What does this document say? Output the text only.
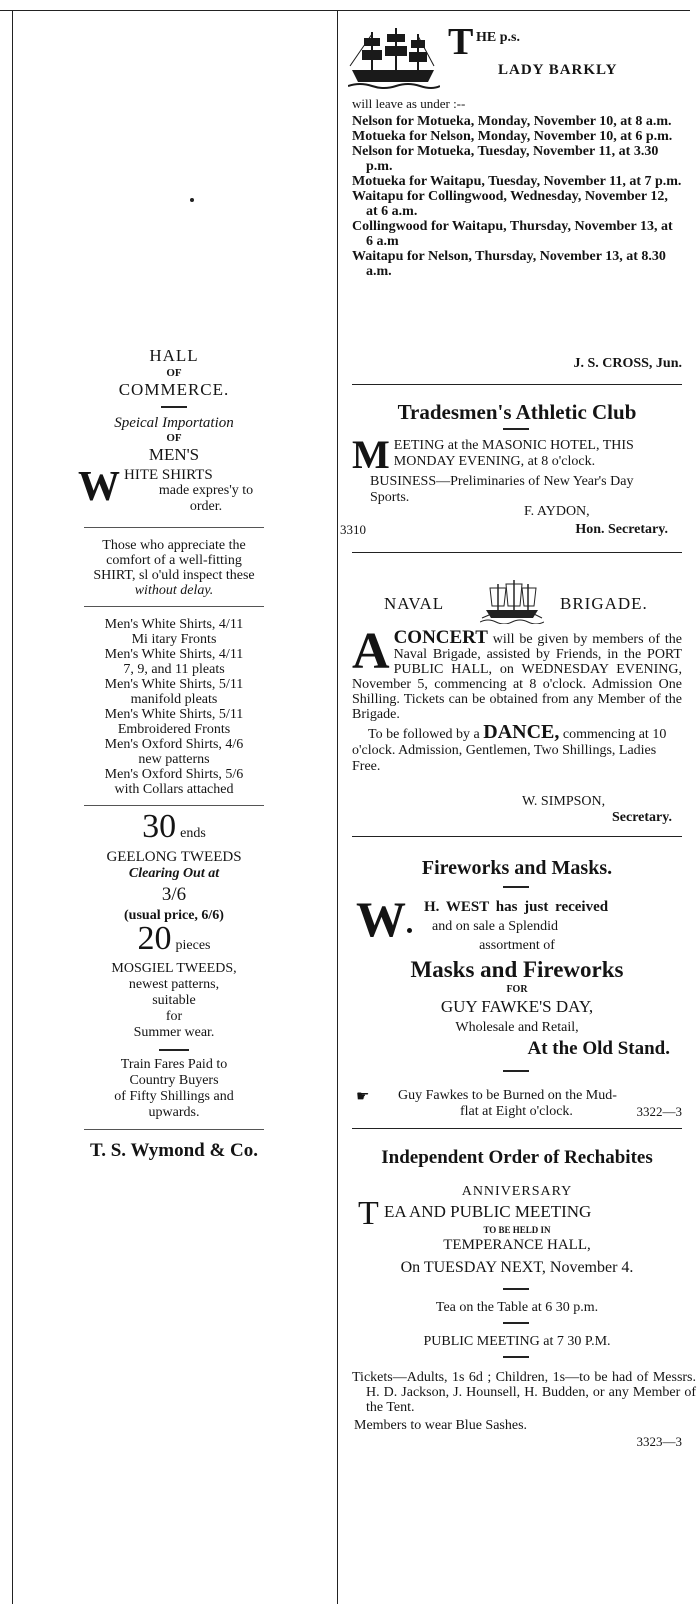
HALL
OF
COMMERCE.
Speical Importation
OF
MEN'S
W HITE SHIRTS
made expres'y to
order.
Those who appreciate the
comfort of a well-fitting
SHIRT, sl o'uld inspect these
without delay.
Men's White Shirts, 4/11
Mi itary Fronts
Men's White Shirts, 4/11
7, 9, and 11 pleats
Men's White Shirts, 5/11
manifold pleats
Men's White Shirts, 5/11
Embroidered Fronts
Men's Oxford Shirts, 4/6
new patterns
Men's Oxford Shirts, 5/6
with Collars attached
30 ends
GEELONG TWEEDS
Clearing Out at
3/6
(usual price, 6/6)
20 pieces
MOSGIEL TWEEDS,
newest patterns,
suitable
for
Summer wear.
Train Fares Paid to
Country Buyers
of Fifty Shillings and
upwards.
T. S. Wymond & Co.
T HE p.s.
LADY BARKLY
will leave as under :--
Nelson for Motueka, Monday, November 10, at 8 a.m.
Motueka for Nelson, Monday, November 10, at 6 p.m.
Nelson for Motueka, Tuesday, November 11, at 3.30 p.m.
Motueka for Waitapu, Tuesday, November 11, at 7 p.m.
Waitapu for Collingwood, Wednesday, November 12, at 6 a.m.
Collingwood for Waitapu, Thursday, November 13, at 6 a.m
Waitapu for Nelson, Thursday, November 13, at 8.30 a.m.
J. S. CROSS, Jun.
Tradesmen's Athletic Club
M EETING at the MASONIC HOTEL, THIS
MONDAY EVENING, at 8 o'clock.
BUSINESS—Preliminaries of New Year's Day Sports.
F. AYDON,
3310	Hon. Secretary.
NAVAL	BRIGADE.
A CONCERT will be given by members of the Naval Brigade, assisted by Friends, in the PORT PUBLIC HALL, on WEDNESDAY EVENING, November 5, commencing at 8 o'clock. Admission One Shilling. Tickets can be obtained from any Member of the Brigade.
To be followed by a DANCE, commencing at 10 o'clock. Admission, Gentlemen, Two Shillings, Ladies Free.
W. SIMPSON,
Secretary.
Fireworks and Masks.
W H. WEST has just received
and on sale a Splendid
assortment of
Masks and Fireworks
FOR
GUY FAWKE'S DAY,
Wholesale and Retail,
At the Old Stand.
☛ Guy Fawkes to be Burned on the Mud-
flat at Eight o'clock.	3322—3
Independent Order of Rechabites
ANNIVERSARY
T EA AND PUBLIC MEETING
TO BE HELD IN
TEMPERANCE HALL,
On TUESDAY NEXT, November 4.
Tea on the Table at 6 30 p.m.
PUBLIC MEETING at 7 30 P.M.
Tickets—Adults, 1s 6d ; Children, 1s—to be had of Messrs. H. D. Jackson, J. Hounsell, H. Budden, or any Member of the Tent.
Members to wear Blue Sashes.
3323—3
